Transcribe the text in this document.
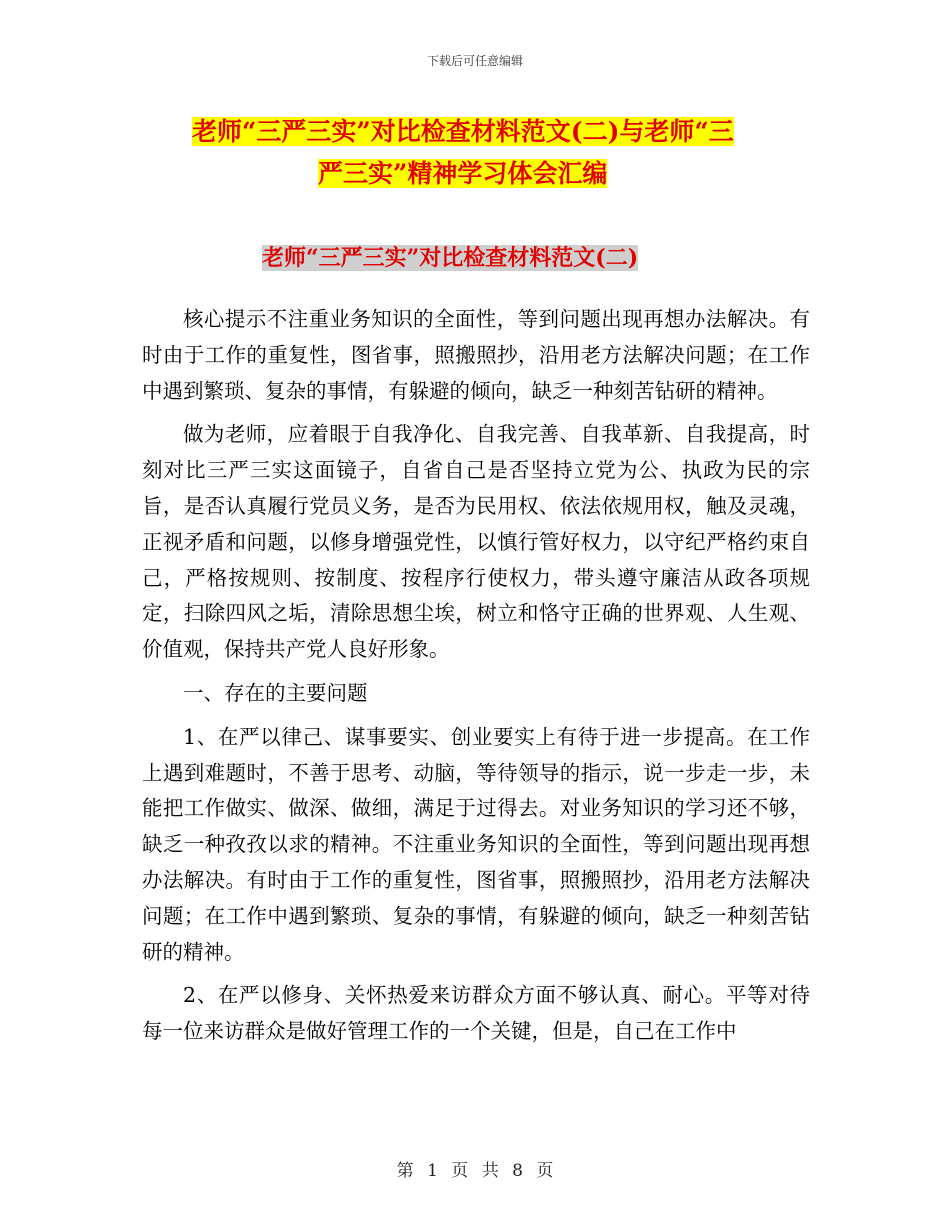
下载后可任意编辑
老师“三严三实”对比检查材料范文(二)与老师“三
严三实”精神学习体会汇编
老师“三严三实”对比检查材料范文(二)

核心提示不注重业务知识的全面性，等到问题出现再想办法解决。有时由于工作的重复性，图省事，照搬照抄，沿用老方法解决问题；在工作中遇到繁琐、复杂的事情，有躲避的倾向，缺乏一种刻苦钻研的精神。

做为老师，应着眼于自我净化、自我完善、自我革新、自我提高，时刻对比三严三实这面镜子，自省自己是否坚持立党为公、执政为民的宗旨，是否认真履行党员义务，是否为民用权、依法依规用权，触及灵魂，正视矛盾和问题，以修身增强党性，以慎行管好权力，以守纪严格约束自己，严格按规则、按制度、按程序行使权力，带头遵守廉洁从政各项规定，扫除四风之垢，清除思想尘埃，树立和恪守正确的世界观、人生观、价值观，保持共产党人良好形象。

一、存在的主要问题

1、在严以律己、谋事要实、创业要实上有待于进一步提高。在工作上遇到难题时，不善于思考、动脑，等待领导的指示，说一步走一步，未能把工作做实、做深、做细，满足于过得去。对业务知识的学习还不够，缺乏一种孜孜以求的精神。不注重业务知识的全面性，等到问题出现再想办法解决。有时由于工作的重复性，图省事，照搬照抄，沿用老方法解决问题；在工作中遇到繁琐、复杂的事情，有躲避的倾向，缺乏一种刻苦钻研的精神。

2、在严以修身、关怀热爱来访群众方面不够认真、耐心。平等对待每一位来访群众是做好管理工作的一个关键，但是，自己在工作中

第 1 页 共 8 页
